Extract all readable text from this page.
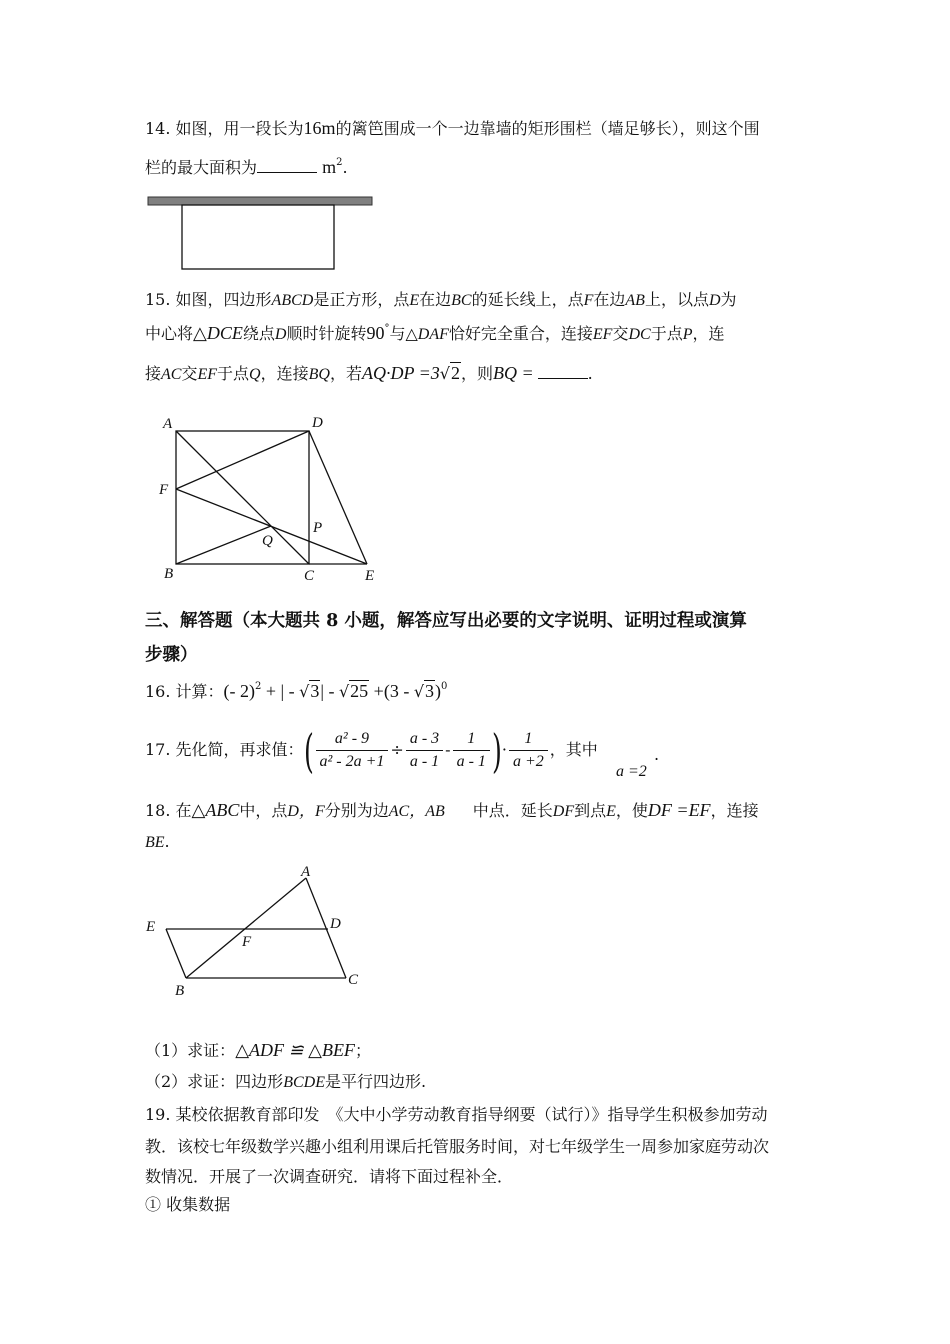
14. 如图，用一段长为16m的篱笆围成一个一边靠墙的矩形围栏（墙足够长），则这个围
栏的最大面积为	$m^2$.
15. 如图，四边形ABCD是正方形，点E在边BC的延长线上，点F在边AB上，以点D为
中心将△DCE绕点D顺时针旋转90°与△DAF恰好完全重合，连接EF交DC于点P，连
接AC交EF于点Q，连接BQ，若AQ·DP =3√2，则BQ =	.
A	D
F
P
Q
B	C	E
三、解答题（本大题共 8 小题，解答应写出必要的文字说明、证明过程或演算
步骤）
16. 计算：(- 2)$^2$ + | - √3| - √25 +(3 - √3)$^0$
17. 先化简，再求值：( $\frac{\text{a² - 9}}{\text{a² - 2a +1}} \div \frac{a - 3}{a - 1} - \frac{1}{a - 1}$ )· $\frac{1}{a +2}$ ，其中
a =2
.
18. 在△ABC中，点D，F分别为边AC，AB 中点．延长DF到点E，使DF =EF，连接
BE.
A
E	D
F
B
C
（1）求证：△ADF ≌ △BEF；
（2）求证：四边形BCDE是平行四边形.
19. 某校依据教育部印发　《大中小学劳动教育指导纲要（试行）》指导学生积极参加劳动
教．该校七年级数学兴趣小组利用课后托管服务时间，对七年级学生一周参加家庭劳动次
数情况．开展了一次调查研究．请将下面过程补全．
① 收集数据
